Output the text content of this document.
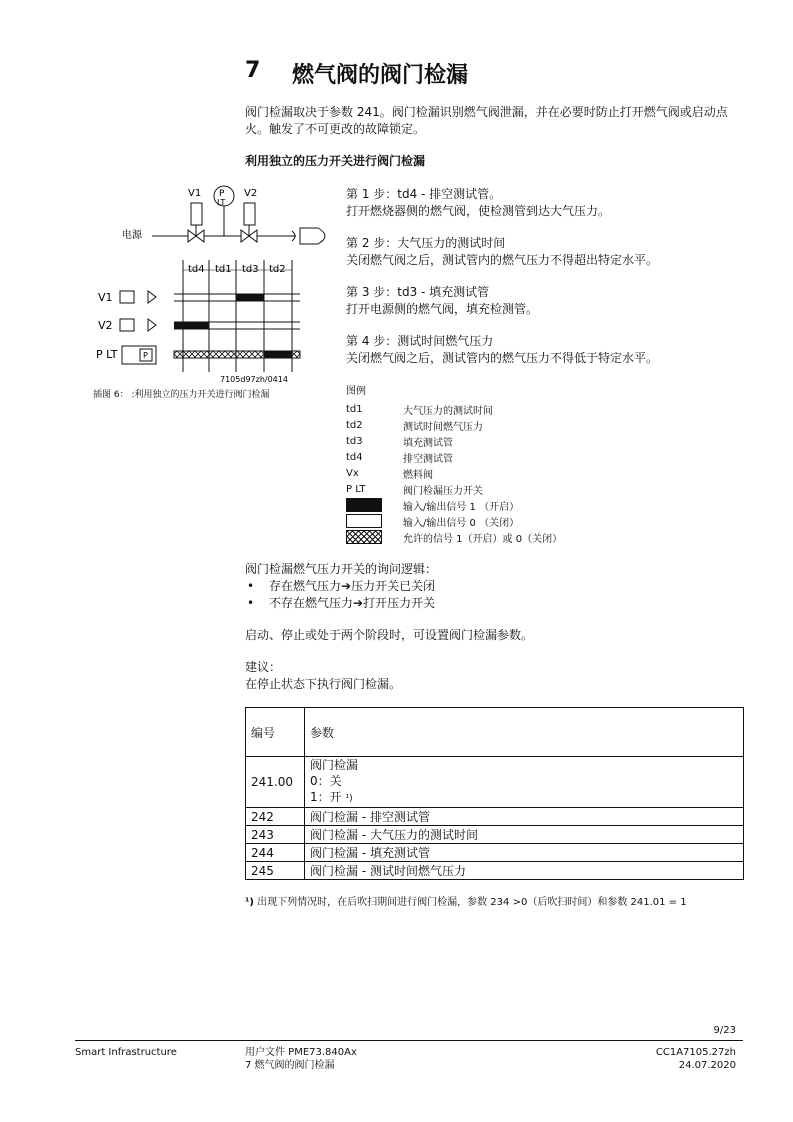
7 燃气阀的阀门检漏
阀门检漏取决于参数 241。阀门检漏识别燃气阀泄漏，并在必要时防止打开燃气阀或启动点火。触发了不可更改的故障锁定。
利用独立的压力开关进行阀门检漏
V1	V2
P
LT
电源
td4 td1 td3 td2
V1
V2
P LT	P
7105d97zh/0414
插图 6： :利用独立的压力开关进行阀门检漏
第 1 步：td4 - 排空测试管。
打开燃烧器侧的燃气阀，使检测管到达大气压力。
第 2 步：大气压力的测试时间
关闭燃气阀之后，测试管内的燃气压力不得超出特定水平。
第 3 步：td3 - 填充测试管
打开电源侧的燃气阀，填充检测管。
第 4 步：测试时间燃气压力
关闭燃气阀之后，测试管内的燃气压力不得低于特定水平。
图例
td1	大气压力的测试时间
td2	测试时间燃气压力
td3	填充测试管
td4	排空测试管
Vx	燃料阀
P LT	阀门检漏压力开关
输入/输出信号 1 （开启）
输入/输出信号 0 （关闭）
允许的信号 1（开启）或 0（关闭）
阀门检漏燃气压力开关的询问逻辑：
• 存在燃气压力➔压力开关已关闭
• 不存在燃气压力➔打开压力开关
启动、停止或处于两个阶段时，可设置阀门检漏参数。
建议：
在停止状态下执行阀门检漏。
编号	参数
241.00	阀门检漏
0：关
1：开 ¹)

242	阀门检漏 - 排空测试管
243	阀门检漏 - 大气压力的测试时间
244	阀门检漏 - 填充测试管
245	阀门检漏 - 测试时间燃气压力
¹) 出现下列情况时，在后吹扫期间进行阀门检漏，参数 234 >0（后吹扫时间）和参数 241.01 = 1
9/23
Smart Infrastructure	用户文件 PME73.840Ax
7 燃气阀的阀门检漏
CC1A7105.27zh
24.07.2020
